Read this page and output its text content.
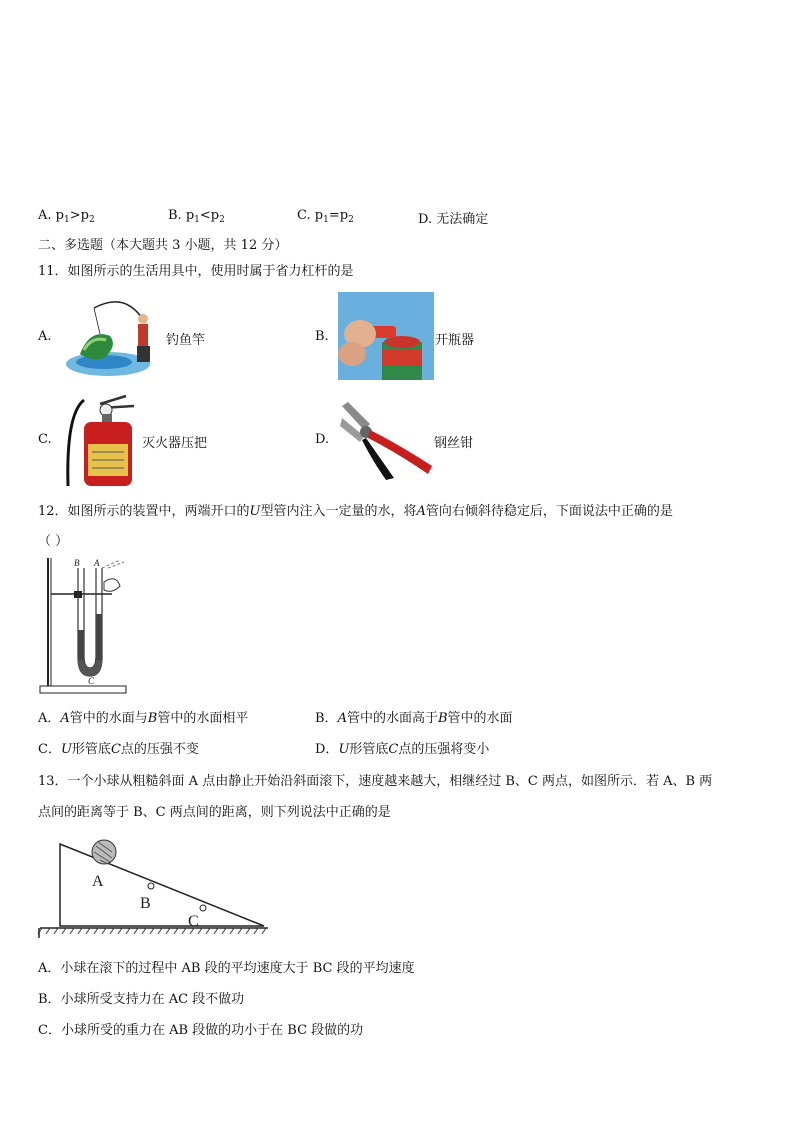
A. $p_1>p_2$	B. $p_1<p_2$	C. $p_1=p_2$	D. 无法确定
二、多选题（本大题共 3 小题，共 12 分）
11．如图所示的生活用具中，使用时属于省力杠杆的是
A.	钓鱼竿	B.	开瓶器
C.	灭火器压把	D.	钢丝钳
12．如图所示的装置中，两端开口的U型管内注入一定量的水，将A管向右倾斜待稳定后，下面说法中正确的是
（ ）
B A
C
A．A管中的水面与B管中的水面相平	B．A管中的水面高于B管中的水面
C．U形管底C点的压强不变	D．U形管底C点的压强将变小
13．一个小球从粗糙斜面 A 点由静止开始沿斜面滚下，速度越来越大，相继经过 B、C 两点，如图所示．若 A、B 两
点间的距离等于 B、C 两点间的距离，则下列说法中正确的是
A
B
C
A．小球在滚下的过程中 AB 段的平均速度大于 BC 段的平均速度
B．小球所受支持力在 AC 段不做功
C．小球所受的重力在 AB 段做的功小于在 BC 段做的功
